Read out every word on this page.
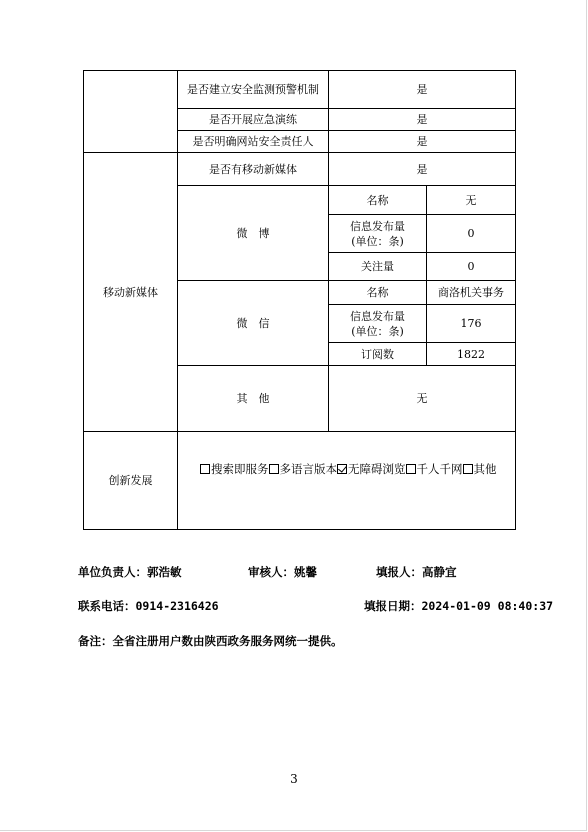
	是否建立安全监测预警机制	是	
	是否开展应急演练	是	
	是否明确网站安全责任人	是	
移动新媒体	是否有移动新媒体	是	
	微　博	名称	无
		信息发布量
(单位：条)	0
		关注量	0
	微　信	名称	商洛机关事务
		信息发布量
(单位：条)	176
		订阅数	1822
	其　他	无	
创新发展	搜索即服务 多语言版本 无障碍浏览 千人千网 其他		
单位负责人：郭浩敏	审核人：姚馨	填报人：高静宜
联系电话：0914-2316426	填报日期：2024-01-09 08:40:37
备注：全省注册用户数由陕西政务服务网统一提供。
3
